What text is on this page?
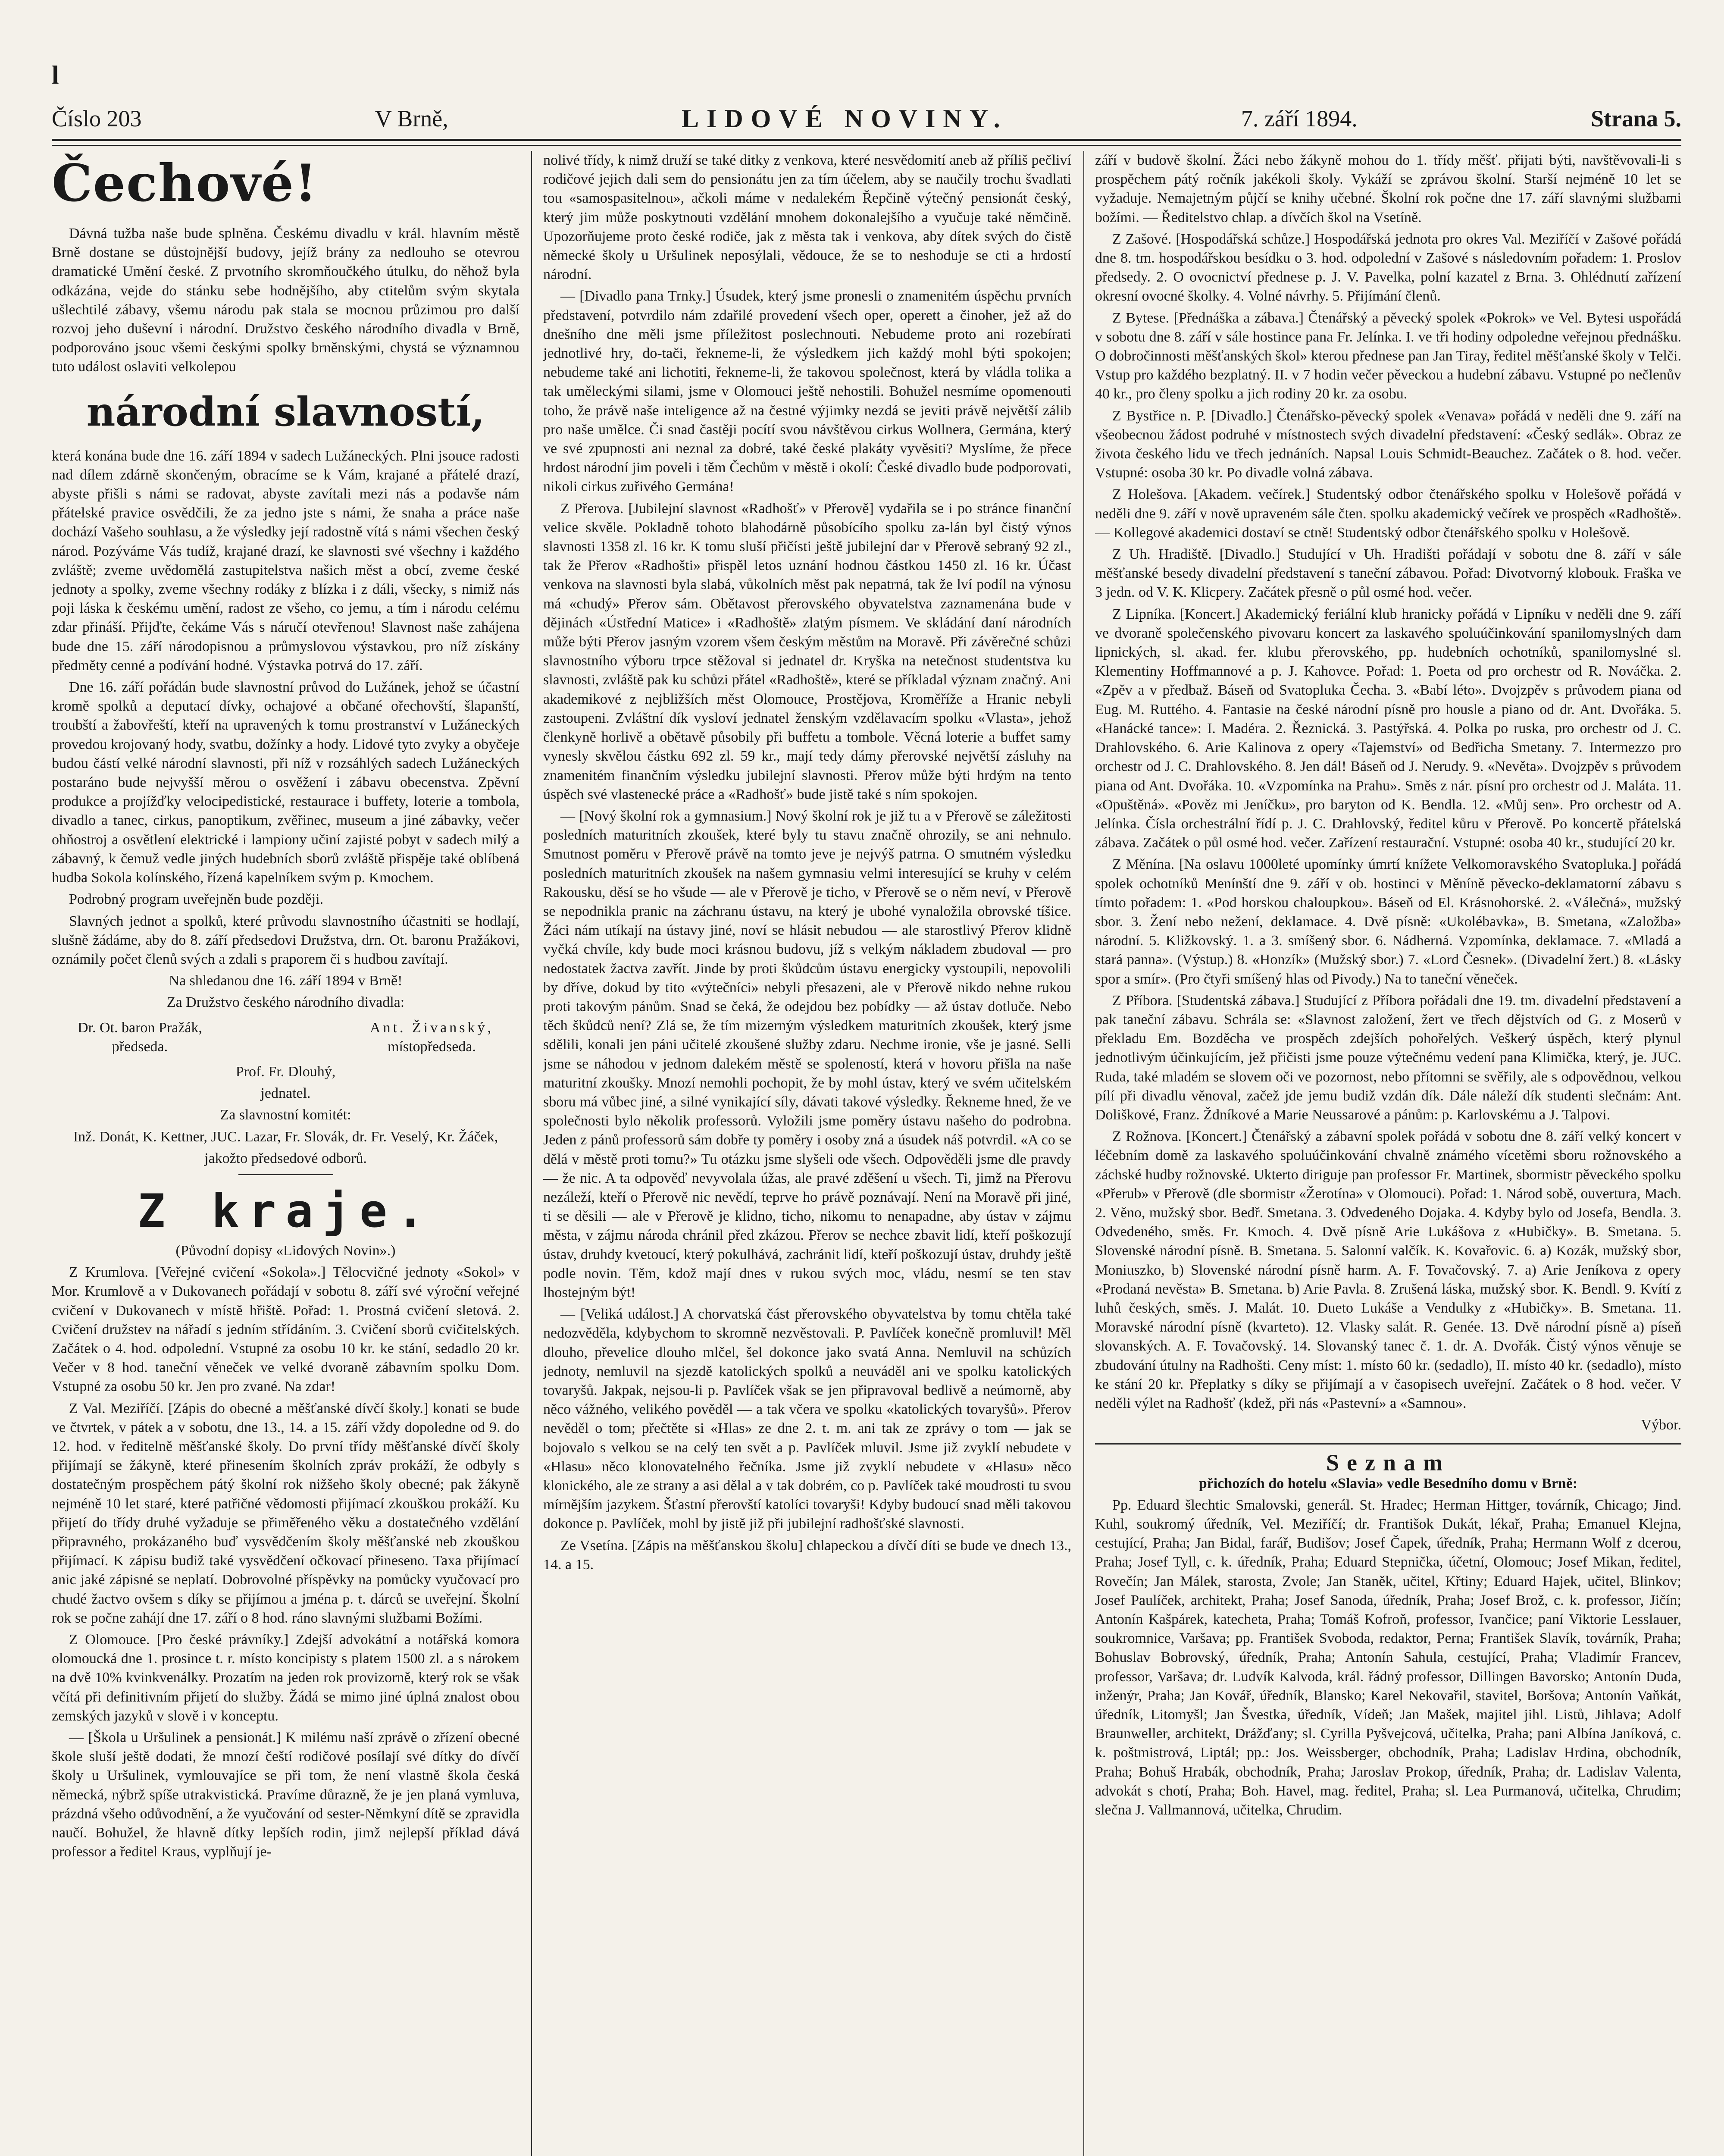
l
Číslo 203	V Brně,	LIDOVÉ NOVINY.	7. září 1894.	Strana 5.
Čechové!

Dávná tužba naše bude splněna. Českému divadlu v král. hlavním městě Brně dostane se důstojnější budovy, jejíž brány za nedlouho se otevrou dramatické Umění české. Z prvotního skromňoučkého útulku, do něhož byla odkázána, vejde do stánku sebe hodnějšího, aby ctitelům svým skytala ušlechtilé zábavy, všemu národu pak stala se mocnou průzimou pro další rozvoj jeho duševní i národní. Družstvo českého národního divadla v Brně, podporováno jsouc všemi českými spolky brněnskými, chystá se významnou tuto událost oslaviti velkolepou

národní slavností,

která konána bude dne 16. září 1894 v sadech Lužáneckých. Plni jsouce radosti nad dílem zdárně skončeným, obracíme se k Vám, krajané a přátelé drazí, abyste přišli s námi se radovat, abyste zavítali mezi nás a podavše nám přátelské pravice osvědčili, že za jedno jste s námi, že snaha a práce naše dochází Vašeho souhlasu, a že výsledky její radostně vítá s námi všechen český národ. Pozýváme Vás tudíž, krajané drazí, ke slavnosti své všechny i každého zvláště; zveme uvědomělá zastupitelstva našich měst a obcí, zveme české jednoty a spolky, zveme všechny rodáky z blízka i z dáli, všecky, s nimiž nás poji láska k českému umění, radost ze všeho, co jemu, a tím i národu celému zdar přináší. Přijďte, čekáme Vás s náručí otevřenou! Slavnost naše zahájena bude dne 15. září národopisnou a průmyslovou výstavkou, pro níž získány předměty cenné a podívání hodné. Výstavka potrvá do 17. září.

Dne 16. září pořádán bude slavnostní průvod do Lužánek, jehož se účastní kromě spolků a deputací dívky, ochajové a občané ořechovští, šlapanští, troubští a žabovřeští, kteří na upravených k tomu prostranství v Lužáneckých provedou krojovaný hody, svatbu, dožínky a hody. Lidové tyto zvyky a obyčeje budou částí velké národní slavnosti, při níž v rozsáhlých sadech Lužáneckých postaráno bude nejvyšší měrou o osvěžení i zábavu obecenstva. Zpěvní produkce a projížďky velocipedistické, restaurace i buffety, loterie a tombola, divadlo a tanec, cirkus, panoptikum, zvěřinec, museum a jiné zábavky, večer ohňostroj a osvětlení elektrické i lampiony učiní zajisté pobyt v sadech milý a zábavný, k čemuž vedle jiných hudebních sborů zvláště přispěje také oblíbená hudba Sokola kolínského, řízená kapelníkem svým p. Kmochem.

Podrobný program uveřejněn bude později.

Slavných jednot a spolků, které průvodu slavnostního účastniti se hodlají, slušně žádáme, aby do 8. září předsedovi Družstva, drn. Ot. baronu Pražákovi, oznámily počet členů svých a zdali s praporem či s hudbou zavítají.

Na shledanou dne 16. září 1894 v Brně!

Za Družstvo českého národního divadla:

Dr. Ot. baron Pražák,
předseda.
Ant. Živanský,
místopředseda.

Prof. Fr. Dlouhý,

jednatel.

Za slavnostní komitét:

Inž. Donát, K. Kettner, JUC. Lazar, Fr. Slovák, dr. Fr. Veselý, Kr. Žáček,

jakožto předsedové odborů.

Z kraje.

(Původní dopisy «Lidových Novin».)

Z Krumlova. [Veřejné cvičení «Sokola».] Tělocvičné jednoty «Sokol» v Mor. Krumlově a v Dukovanech pořádají v sobotu 8. září své výroční veřejné cvičení v Dukovanech v místě hřiště. Pořad: 1. Prostná cvičení sletová. 2. Cvičení družstev na nářadí s jedním střídáním. 3. Cvičení sborů cvičitelských. Začátek o 4. hod. odpolední. Vstupné za osobu 10 kr. ke stání, sedadlo 20 kr. Večer v 8 hod. taneční věneček ve velké dvoraně zábavním spolku Dom. Vstupné za osobu 50 kr. Jen pro zvané. Na zdar!

Z Val. Meziříčí. [Zápis do obecné a měšťanské dívčí školy.] konati se bude ve čtvrtek, v pátek a v sobotu, dne 13., 14. a 15. září vždy dopoledne od 9. do 12. hod. v ředitelně měšťanské školy. Do první třídy měšťanské dívčí školy přijímají se žákyně, které přinesením školních zpráv prokáží, že odbyly s dostatečným prospěchem pátý školní rok nižšeho školy obecné; pak žákyně nejméně 10 let staré, které patřičné vědomosti přijímací zkouškou prokáží. Ku přijetí do třídy druhé vyžaduje se přiměřeného věku a dostatečného vzdělání připravného, prokázaného buď vysvědčením školy měšťanské neb zkouškou přijímací. K zápisu budiž také vysvědčení očkovací přineseno. Taxa přijímací anic jaké zápisné se neplatí. Dobrovolné příspěvky na pomůcky vyučovací pro chudé žactvo ovšem s díky se přijímou a jména p. t. dárců se uveřejní. Školní rok se počne zahájí dne 17. září o 8 hod. ráno slavnými službami Božími.

Z Olomouce. [Pro české právníky.] Zdejší advokátní a notářská komora olomoucká dne 1. prosince t. r. místo koncipisty s platem 1500 zl. a s nárokem na dvě 10% kvinkvenálky. Prozatím na jeden rok provizorně, který rok se však včítá při definitivním přijetí do služby. Žádá se mimo jiné úplná znalost obou zemských jazyků v slově i v konceptu.

— [Škola u Uršulinek a pensionát.] K milému naší zprávě o zřízení obecné škole sluší ještě dodati, že mnozí čeští rodičové posílají své dítky do dívčí školy u Uršulinek, vymlouvajíce se při tom, že není vlastně škola česká německá, nýbrž spíše utrakvistická. Pravíme důrazně, že je jen planá vymluva, prázdná všeho odůvodnění, a že vyučování od sester-Němkyní dítě se zpravidla naučí. Bohužel, že hlavně dítky lepších rodin, jimž nejlepší příklad dává professor a ředitel Kraus, vyplňují je-

nolivé třídy, k nimž druží se také ditky z venkova, které nesvědomití aneb až příliš pečliví rodičové jejich dali sem do pensionátu jen za tím účelem, aby se naučily trochu švadlati tou «samospasitelnou», ačkoli máme v nedalekém Řepčině výtečný pensionát český, který jim může poskytnouti vzdělání mnohem dokonalejšího a vyučuje také němčině. Upozorňujeme proto české rodiče, jak z města tak i venkova, aby dítek svých do čistě německé školy u Uršulinek neposýlali, vědouce, že se to neshoduje se cti a hrdostí národní.

— [Divadlo pana Trnky.] Úsudek, který jsme pronesli o znamenitém úspěchu prvních představení, potvrdilo nám zdařilé provedení všech oper, operett a činoher, jež až do dnešního dne měli jsme příležitost poslechnouti. Nebudeme proto ani rozebírati jednotlivé hry, do-tači, řekneme-li, že výsledkem jich každý mohl býti spokojen; nebudeme také ani lichotiti, řekneme-li, že takovou společnost, která by vládla tolika a tak uměleckými silami, jsme v Olomouci ještě nehostili. Bohužel nesmíme opomenouti toho, že právě naše inteligence až na čestné výjimky nezdá se jeviti právě největší zálib pro naše umělce. Či snad častěji pocítí svou návštěvou cirkus Wollnera, Germána, který ve své zpupnosti ani neznal za dobré, také české plakáty vyvěsiti? Myslíme, že přece hrdost národní jim poveli i těm Čechům v městě i okolí: České divadlo bude podporovati, nikoli cirkus zuřivého Germána!

Z Přerova. [Jubilejní slavnost «Radhošť» v Přerově] vydařila se i po stránce finanční velice skvěle. Pokladně tohoto blahodárně působícího spolku za-lán byl čistý výnos slavnosti 1358 zl. 16 kr. K tomu sluší přičísti ještě jubilejní dar v Přerově sebraný 92 zl., tak že Přerov «Radhošti» přispěl letos uznání hodnou částkou 1450 zl. 16 kr. Účast venkova na slavnosti byla slabá, vůkolních měst pak nepatrná, tak že lví podíl na výnosu má «chudý» Přerov sám. Obětavost přerovského obyvatelstva zaznamenána bude v dějinách «Ústřední Matice» i «Radhoště» zlatým písmem. Ve skládání daní národních může býti Přerov jasným vzorem všem českým městům na Moravě. Při závěrečné schůzi slavnostního výboru trpce stěžoval si jednatel dr. Kryška na netečnost studentstva ku slavnosti, zvláště pak ku schůzi přátel «Radhoště», které se příkladal význam značný. Ani akademikové z nejbližších měst Olomouce, Prostějova, Kroměříže a Hranic nebyli zastoupeni. Zvláštní dík vysloví jednatel ženským vzdělavacím spolku «Vlasta», jehož členkyně horlivě a obětavě působily při buffetu a tombole. Věcná loterie a buffet samy vynesly skvělou částku 692 zl. 59 kr., mají tedy dámy přerovské největší zásluhy na znamenitém finančním výsledku jubilejní slavnosti. Přerov může býti hrdým na tento úspěch své vlastenecké práce a «Radhošť» bude jistě také s ním spokojen.

— [Nový školní rok a gymnasium.] Nový školní rok je již tu a v Přerově se záležitosti posledních maturitních zkoušek, které byly tu stavu značně ohrozily, se ani nehnulo. Smutnost poměru v Přerově právě na tomto jeve je nejvýš patrna. O smutném výsledku posledních maturitních zkoušek na našem gymnasiu velmi interesující se kruhy v celém Rakousku, děsí se ho všude — ale v Přerově je ticho, v Přerově se o něm neví, v Přerově se nepodnikla pranic na záchranu ústavu, na který je ubohé vynaložila obrovské tíšice. Žáci nám utíkají na ústavy jiné, noví se hlásit nebudou — ale starostlivý Přerov klidně vyčká chvíle, kdy bude moci krásnou budovu, jíž s velkým nákladem zbudoval — pro nedostatek žactva zavřít. Jinde by proti škůdcům ústavu energicky vystoupili, nepovolili by dříve, dokud by tito «výtečníci» nebyli přesazeni, ale v Přerově nikdo nehne rukou proti takovým pánům. Snad se čeká, že odejdou bez pobídky — až ústav dotluče. Nebo těch škůdců není? Zlá se, že tím mizerným výsledkem maturitních zkoušek, který jsme sdělili, konali jen páni učitelé zkoušené služby zdaru. Nechme ironie, vše je jasné. Selli jsme se náhodou v jednom dalekém městě se spoleností, která v hovoru přišla na naše maturitní zkoušky. Mnozí nemohli pochopit, že by mohl ústav, který ve svém učitelském sboru má vůbec jiné, a silné vynikající síly, dávati takové výsledky. Řekneme hned, že ve společnosti bylo několik professorů. Vyložili jsme poměry ústavu našeho do podrobna. Jeden z pánů professorů sám dobře ty poměry i osoby zná a úsudek náš potvrdil. «A co se dělá v městě proti tomu?» Tu otázku jsme slyšeli ode všech. Odpověděli jsme dle pravdy — že nic. A ta odpověď nevyvolala úžas, ale pravé zděšení u všech. Ti, jimž na Přerovu nezáleží, kteří o Přerově nic nevědí, teprve ho právě poznávají. Není na Moravě při jiné, ti se děsili — ale v Přerově je klidno, ticho, nikomu to nenapadne, aby ústav v zájmu města, v zájmu národa chránil před zkázou. Přerov se nechce zbavit lidí, kteří poškozují ústav, druhdy kvetoucí, který pokulhává, zachránit lidí, kteří poškozují ústav, druhdy ještě podle novin. Těm, kdož mají dnes v rukou svých moc, vládu, nesmí se ten stav lhostejným být!

— [Veliká událost.] A chorvatská část přerovského obyvatelstva by tomu chtěla také nedozvěděla, kdybychom to skromně nezvěstovali. P. Pavlíček konečně promluvil! Měl dlouho, převelice dlouho mlčel, šel dokonce jako svatá Anna. Nemluvil na schůzích jednoty, nemluvil na sjezdě katolických spolků a neuváděl ani ve spolku katolických tovaryšů. Jakpak, nejsou-li p. Pavlíček však se jen připravoval bedlivě a neúmorně, aby něco vážného, velikého pověděl — a tak včera ve spolku «katolických tovaryšů». Přerov nevěděl o tom; přečtěte si «Hlas» ze dne 2. t. m. ani tak ze zprávy o tom — jak se bojovalo s velkou se na celý ten svět a p. Pavlíček mluvil. Jsme již zvyklí nebudete v «Hlasu» něco klonovatelného řečníka. Jsme již zvyklí nebudete v «Hlasu» něco klonického, ale ze strany a asi dělal a v tak dobrém, co p. Pavlíček také moudrosti tu svou mírnějším jazykem. Šťastní přerovští katolíci tovaryši! Kdyby budoucí snad měli takovou dokonce p. Pavlíček, mohl by jistě již při jubilejní radhošťské slavnosti.

Ze Vsetína. [Zápis na měšťanskou školu] chlapeckou a dívčí díti se bude ve dnech 13., 14. a 15.

září v budově školní. Žáci nebo žákyně mohou do 1. třídy měšť. přijati býti, navštěvovali-li s prospěchem pátý ročník jakékoli školy. Vykáží se zprávou školní. Starší nejméně 10 let se vyžaduje. Nemajetným půjčí se knihy učebné. Školní rok počne dne 17. září slavnými službami božími. — Ředitelstvo chlap. a dívčích škol na Vsetíně.

Z Zašové. [Hospodářská schůze.] Hospodářská jednota pro okres Val. Meziříčí v Zašové pořádá dne 8. tm. hospodářskou besídku o 3. hod. odpolední v Zašové s následovním pořadem: 1. Proslov předsedy. 2. O ovocnictví přednese p. J. V. Pavelka, polní kazatel z Brna. 3. Ohlédnutí zařízení okresní ovocné školky. 4. Volné návrhy. 5. Přijímání členů.

Z Bytese. [Přednáška a zábava.] Čtenářský a pěvecký spolek «Pokrok» ve Vel. Bytesi uspořádá v sobotu dne 8. září v sále hostince pana Fr. Jelínka. I. ve tři hodiny odpoledne veřejnou přednášku. O dobročinnosti měšťanských škol» kterou přednese pan Jan Tiray, ředitel měšťanské školy v Telči. Vstup pro každého bezplatný. II. v 7 hodin večer pěveckou a hudební zábavu. Vstupné po nečlenův 40 kr., pro členy spolku a jich rodiny 20 kr. za osobu.

Z Bystřice n. P. [Divadlo.] Čtenářsko-pěvecký spolek «Venava» pořádá v neděli dne 9. září na všeobecnou žádost podruhé v místnostech svých divadelní představení: «Český sedlák». Obraz ze života českého lidu ve třech jednáních. Napsal Louis Schmidt-Beauchez. Začátek o 8. hod. večer. Vstupné: osoba 30 kr. Po divadle volná zábava.

Z Holešova. [Akadem. večírek.] Studentský odbor čtenářského spolku v Holešově pořádá v neděli dne 9. září v nově upraveném sále čten. spolku akademický večírek ve prospěch «Radhoště». — Kollegové akademici dostaví se ctně! Studentský odbor čtenářského spolku v Holešově.

Z Uh. Hradiště. [Divadlo.] Studující v Uh. Hradišti pořádají v sobotu dne 8. září v sále měšťanské besedy divadelní představení s taneční zábavou. Pořad: Divotvorný klobouk. Fraška ve 3 jedn. od V. K. Klicpery. Začátek přesně o půl osmé hod. večer.

Z Lipníka. [Koncert.] Akademický feriální klub hranicky pořádá v Lipníku v neděli dne 9. září ve dvoraně společenského pivovaru koncert za laskavého spoluúčinkování spanilomyslných dam lipnických, sl. akad. fer. klubu přerovského, pp. hudebních ochotníků, spanilomyslné sl. Klementiny Hoffmannové a p. J. Kahovce. Pořad: 1. Poeta od pro orchestr od R. Nováčka. 2. «Zpěv a v předbaž. Báseň od Svatopluka Čecha. 3. «Babí léto». Dvojzpěv s průvodem piana od Eug. M. Ruttého. 4. Fantasie na české národní písně pro housle a piano od dr. Ant. Dvořáka. 5. «Hanácké tance»: I. Madéra. 2. Řeznická. 3. Pastýřská. 4. Polka po ruska, pro orchestr od J. C. Drahlovského. 6. Arie Kalinova z opery «Tajemství» od Bedřicha Smetany. 7. Intermezzo pro orchestr od J. C. Drahlovského. 8. Jen dál! Báseň od J. Nerudy. 9. «Nevěta». Dvojzpěv s průvodem piana od Ant. Dvořáka. 10. «Vzpomínka na Prahu». Směs z nár. písní pro orchestr od J. Maláta. 11. «Opuštěná». «Pověz mi Jeníčku», pro baryton od K. Bendla. 12. «Můj sen». Pro orchestr od A. Jelínka. Čísla orchestrální řídí p. J. C. Drahlovský, ředitel kůru v Přerově. Po koncertě přátelská zábava. Začátek o půl osmé hod. večer. Zařízení restaurační. Vstupné: osoba 40 kr., studující 20 kr.

Z Měnína. [Na oslavu 1000leté upomínky úmrtí knížete Velkomoravského Svatopluka.] pořádá spolek ochotníků Menínští dne 9. září v ob. hostinci v Měníně pěvecko-deklamatorní zábavu s tímto pořadem: 1. «Pod horskou chaloupkou». Báseň od El. Krásnohorské. 2. «Válečná», mužský sbor. 3. Žení nebo nežení, deklamace. 4. Dvě písně: «Ukolébavka», B. Smetana, «Založba» národní. 5. Kližkovský. 1. a 3. smíšený sbor. 6. Nádherná. Vzpomínka, deklamace. 7. «Mladá a stará panna». (Výstup.) 8. «Honzík» (Mužský sbor.) 7. «Lord Česnek». (Divadelní žert.) 8. «Lásky spor a smír». (Pro čtyři smíšený hlas od Pivody.) Na to taneční věneček.

Z Příbora. [Studentská zábava.] Studující z Příbora pořádali dne 19. tm. divadelní představení a pak taneční zábavu. Schrála se: «Slavnost založení, žert ve třech dějstvích od G. z Moserů v překladu Em. Bozděcha ve prospěch zdejších pohořelých. Veškerý úspěch, který plynul jednotlivým účinkujícím, jež přičisti jsme pouze výtečnému vedení pana Klimička, který, je. JUC. Ruda, také mladém se slovem oči ve pozornost, nebo přítomni se svěřily, ale s odpovědnou, velkou pílí při divadlu věnoval, začež jde jemu budiž vzdán dík. Dále náleží dík studenti slečnám: Ant. Doliškové, Franz. Ždníkové a Marie Neussarové a pánům: p. Karlovskému a J. Talpovi.

Z Rožnova. [Koncert.] Čtenářský a zábavní spolek pořádá v sobotu dne 8. září velký koncert v léčebním domě za laskavého spoluúčinkování chvalně známého vícetěmi sboru rožnovského a záchské hudby rožnovské. Ukterto diriguje pan professor Fr. Martinek, sbormistr pěveckého spolku «Přerub» v Přerově (dle sbormistr «Žerotína» v Olomouci). Pořad: 1. Národ sobě, ouvertura, Mach. 2. Věno, mužský sbor. Bedř. Smetana. 3. Odvedeného Dojaka. 4. Kdyby bylo od Josefa, Bendla. 3. Odvedeného, směs. Fr. Kmoch. 4. Dvě písně Arie Lukášova z «Hubičky». B. Smetana. 5. Slovenské národní písně. B. Smetana. 5. Salonní valčík. K. Kovařovic. 6. a) Kozák, mužský sbor, Moniuszko, b) Slovenské národní písně harm. A. F. Tovačovský. 7. a) Arie Jeníkova z opery «Prodaná nevěsta» B. Smetana. b) Arie Pavla. 8. Zrušená láska, mužský sbor. K. Bendl. 9. Kvítí z luhů českých, směs. J. Malát. 10. Dueto Lukáše a Vendulky z «Hubičky». B. Smetana. 11. Moravské národní písně (kvarteto). 12. Vlasky salát. R. Genée. 13. Dvě národní písně a) píseň slovanských. A. F. Tovačovský. 14. Slovanský tanec č. 1. dr. A. Dvořák. Čistý výnos věnuje se zbudování útulny na Radhošti. Ceny míst: 1. místo 60 kr. (sedadlo), II. místo 40 kr. (sedadlo), místo ke stání 20 kr. Přeplatky s díky se přijímají a v časopisech uveřejní. Začátek o 8 hod. večer. V neděli výlet na Radhošť (kdež, při nás «Pastevní» a «Samnou».

Výbor.

Seznam

přichozích do hotelu «Slavia» vedle Besedního domu v Brně:

Pp. Eduard šlechtic Smalovski, generál. St. Hradec; Herman Hittger, továrník, Chicago; Jind. Kuhl, soukromý úředník, Vel. Meziříčí; dr. Františok Dukát, lékař, Praha; Emanuel Klejna, cestující, Praha; Jan Bidal, farář, Budišov; Josef Čapek, úředník, Praha; Hermann Wolf z dcerou, Praha; Josef Tyll, c. k. úředník, Praha; Eduard Stepnička, účetní, Olomouc; Josef Mikan, ředitel, Rovečín; Jan Málek, starosta, Zvole; Jan Staněk, učitel, Křtiny; Eduard Hajek, učitel, Blinkov; Josef Paulíček, architekt, Praha; Josef Sanoda, úředník, Praha; Josef Brož, c. k. professor, Jičín; Antonín Kašpárek, katecheta, Praha; Tomáš Kofroň, professor, Ivančice; paní Viktorie Lesslauer, soukromnice, Varšava; pp. František Svoboda, redaktor, Perna; František Slavík, továrník, Praha; Bohuslav Bobrovský, úředník, Praha; Antonín Sahula, cestující, Praha; Vladimír Francev, professor, Varšava; dr. Ludvík Kalvoda, král. řádný professor, Dillingen Bavorsko; Antonín Duda, inženýr, Praha; Jan Kovář, úředník, Blansko; Karel Nekovařil, stavitel, Boršova; Antonín Vaňkát, úředník, Litomyšl; Jan Švestka, úředník, Vídeň; Jan Mašek, majitel jihl. Listů, Jihlava; Adolf Braunweller, architekt, Drážďany; sl. Cyrilla Pyšvejcová, učitelka, Praha; pani Albína Janíková, c. k. poštmistrová, Liptál; pp.: Jos. Weissberger, obchodník, Praha; Ladislav Hrdina, obchodník, Praha; Bohuš Hrabák, obchodník, Praha; Jaroslav Prokop, úředník, Praha; dr. Ladislav Valenta, advokát s chotí, Praha; Boh. Havel, mag. ředitel, Praha; sl. Lea Purmanová, učitelka, Chrudim; slečna J. Vallmannová, učitelka, Chrudim.
